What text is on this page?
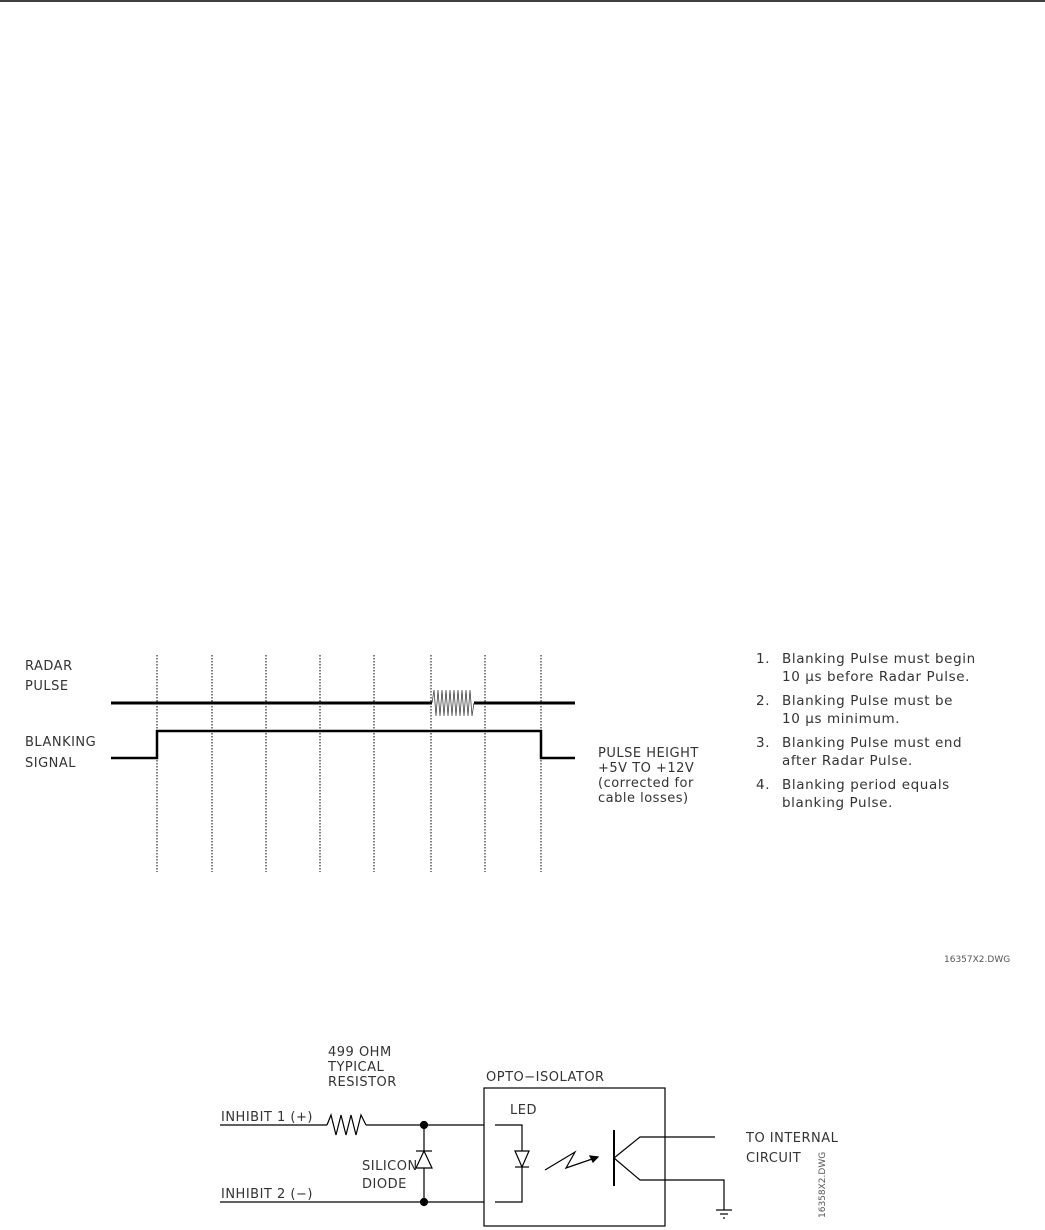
RADAR
PULSE
BLANKING
SIGNAL
PULSE HEIGHT
+5V TO +12V
(corrected for
cable losses)
1. Blanking Pulse must begin
10 µs before Radar Pulse.
2. Blanking Pulse must be
10 µs minimum.
3. Blanking Pulse must end
after Radar Pulse.
4. Blanking period equals
blanking Pulse.
16357X2.DWG
499 OHM
TYPICAL
RESISTOR
INHIBIT 1 (+)
INHIBIT 2 (−)
SILICON
DIODE
OPTO−ISOLATOR
LED
TO INTERNAL
CIRCUIT 16358X2.DWG
